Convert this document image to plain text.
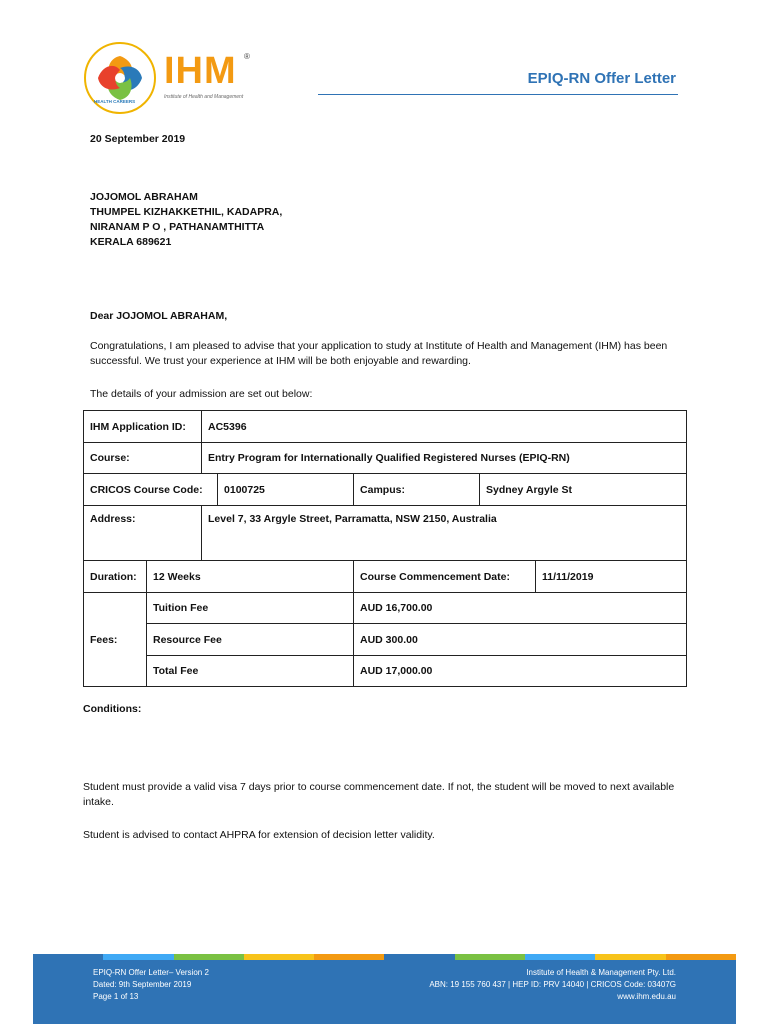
HEALTH CAREERS
IHM ®
Institute of Health and Management
EPIQ-RN Offer Letter
20 September 2019
JOJOMOL ABRAHAM
THUMPEL KIZHAKKETHIL, KADAPRA,
NIRANAM P O , PATHANAMTHITTA
KERALA 689621
Dear JOJOMOL ABRAHAM,
Congratulations, I am pleased to advise that your application to study at Institute of Health and Management (IHM) has been successful. We trust your experience at IHM will be both enjoyable and rewarding.
The details of your admission are set out below:
IHM Application ID:		AC5396				
Course:		Entry Program for Internationally Qualified Registered Nurses (EPIQ-RN)				
CRICOS Course Code:			0100725	Campus:	Sydney Argyle St	
Address:		Level 7, 33 Argyle Street, Parramatta, NSW 2150, Australia				
Duration:	12 Weeks			Course Commencement Date:		11/11/2019
Fees:	Tuition Fee			AUD 16,700.00		
	Resource Fee			AUD 300.00		
	Total Fee			AUD 17,000.00		
Conditions:
Student must provide a valid visa 7 days prior to course commencement date. If not, the student will be moved to next available intake.
Student is advised to contact AHPRA for extension of decision letter validity.
EPIQ-RN Offer Letter– Version 2
Dated: 9th September 2019
Page 1 of 13
Institute of Health & Management Pty. Ltd.
ABN: 19 155 760 437 | HEP ID: PRV 14040 | CRICOS Code: 03407G
www.ihm.edu.au
